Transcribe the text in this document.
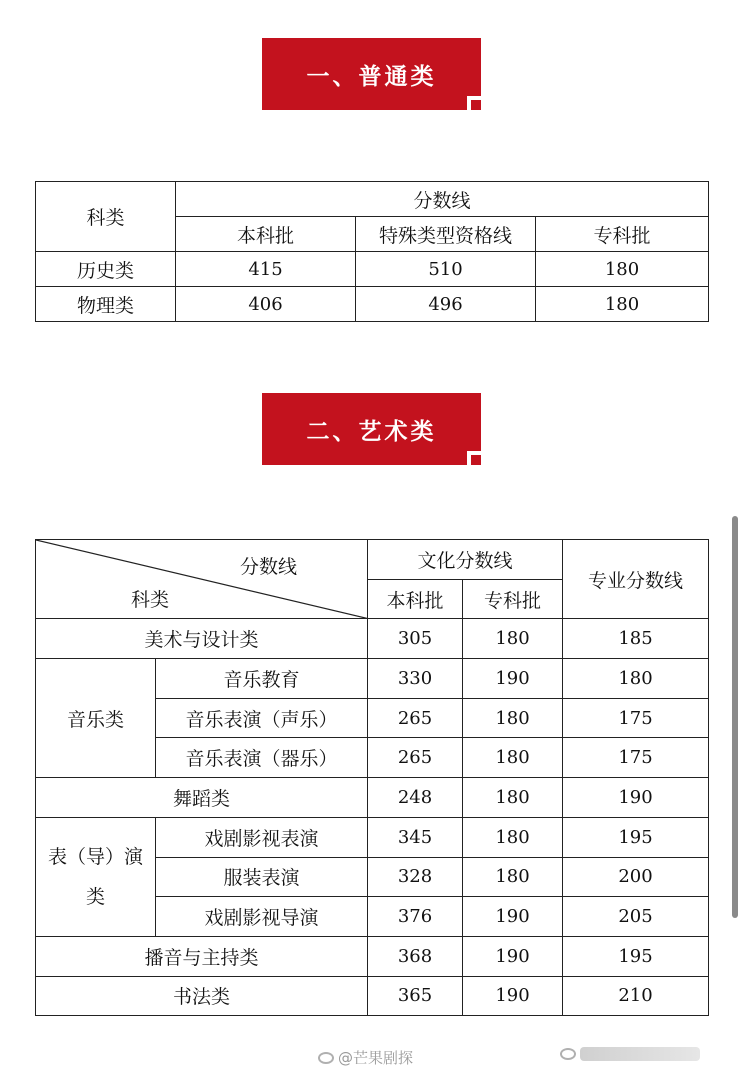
一、普通类
科类	分数线		
	本科批	特殊类型资格线	专科批
历史类	415	510	180
物理类	406	496	180
二、艺术类
分数线
科类		文化分数线		专业分数线
		本科批	专科批	
美术与设计类		305	180	185
音乐类	音乐教育	330	190	180
	音乐表演（声乐）	265	180	175
	音乐表演（器乐）	265	180	175
舞蹈类		248	180	190
表（导）演类	戏剧影视表演	345	180	195
	服装表演	328	180	200
	戏剧影视导演	376	190	205
播音与主持类		368	190	195
书法类		365	190	210
@芒果剧探
